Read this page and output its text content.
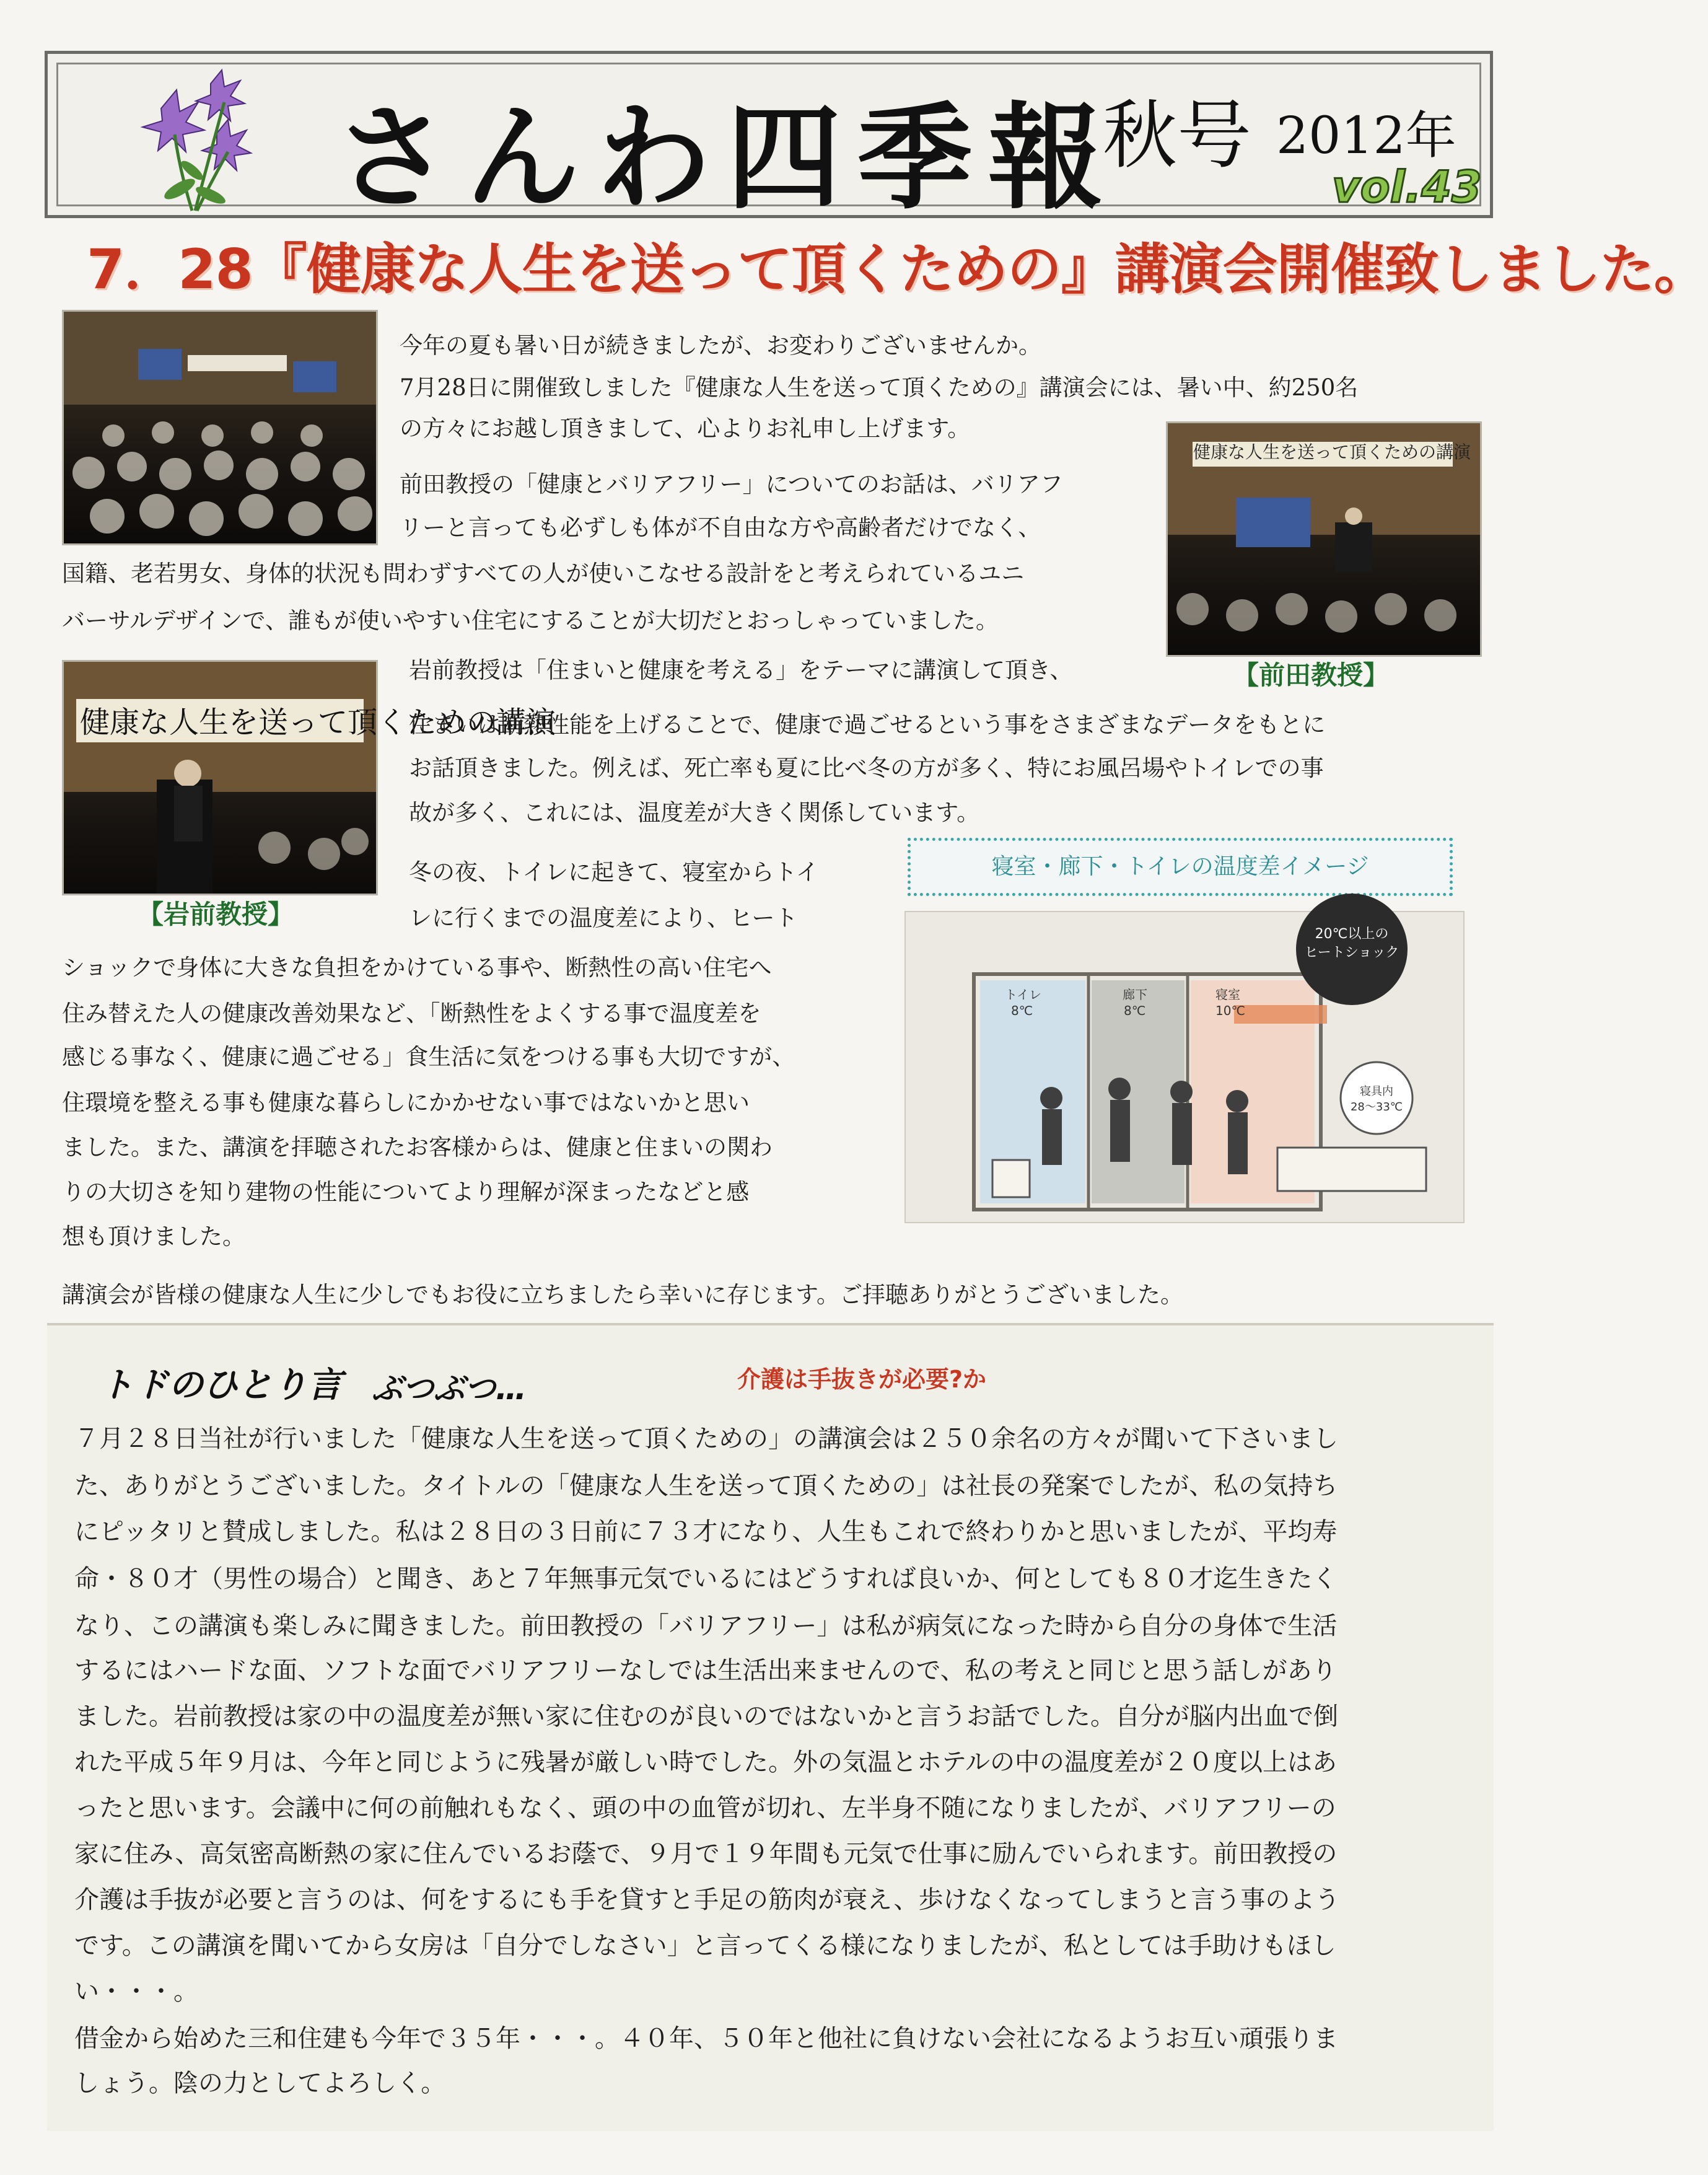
さんわ四季報
秋号 2012年
vol.43
7．28『健康な人生を送って頂くための』講演会開催致しました。
健康な人生を送って頂くための講演
【前田教授】
健康な人生を送って頂くための講演
【岩前教授】
今年の夏も暑い日が続きましたが、お変わりございませんか。
7月28日に開催致しました『健康な人生を送って頂くための』講演会には、暑い中、約250名
の方々にお越し頂きまして、心よりお礼申し上げます。
前田教授の「健康とバリアフリー」についてのお話は、バリアフ
リーと言っても必ずしも体が不自由な方や高齢者だけでなく、
国籍、老若男女、身体的状況も問わずすべての人が使いこなせる設計をと考えられているユニ
バーサルデザインで、誰もが使いやすい住宅にすることが大切だとおっしゃっていました。
岩前教授は「住まいと健康を考える」をテーマに講演して頂き、
住まいは断熱性能を上げることで、健康で過ごせるという事をさまざまなデータをもとに
お話頂きました。例えば、死亡率も夏に比べ冬の方が多く、特にお風呂場やトイレでの事
故が多く、これには、温度差が大きく関係しています。
冬の夜、トイレに起きて、寝室からトイ
レに行くまでの温度差により、ヒート
ショックで身体に大きな負担をかけている事や、断熱性の高い住宅へ
住み替えた人の健康改善効果など、「断熱性をよくする事で温度差を
感じる事なく、健康に過ごせる」食生活に気をつける事も大切ですが、
住環境を整える事も健康な暮らしにかかせない事ではないかと思い
ました。また、講演を拝聴されたお客様からは、健康と住まいの関わ
りの大切さを知り建物の性能についてより理解が深まったなどと感
想も頂けました。
講演会が皆様の健康な人生に少しでもお役に立ちましたら幸いに存じます。ご拝聴ありがとうございました。
寝室・廊下・トイレの温度差イメージ
20℃以上の
ヒートショック
トイレ
8℃
廊下
8℃
寝室
10℃
寝具内
28～33℃
トドのひとり言 ぶつぶつ…	介護は手抜きが必要?か
７月２８日当社が行いました「健康な人生を送って頂くための」の講演会は２５０余名の方々が聞いて下さいまし
た、ありがとうございました。タイトルの「健康な人生を送って頂くための」は社長の発案でしたが、私の気持ち
にピッタリと賛成しました。私は２８日の３日前に７３才になり、人生もこれで終わりかと思いましたが、平均寿
命・８０才（男性の場合）と聞き、あと７年無事元気でいるにはどうすれば良いか、何としても８０才迄生きたく
なり、この講演も楽しみに聞きました。前田教授の「バリアフリー」は私が病気になった時から自分の身体で生活
するにはハードな面、ソフトな面でバリアフリーなしでは生活出来ませんので、私の考えと同じと思う話しがあり
ました。岩前教授は家の中の温度差が無い家に住むのが良いのではないかと言うお話でした。自分が脳内出血で倒
れた平成５年９月は、今年と同じように残暑が厳しい時でした。外の気温とホテルの中の温度差が２０度以上はあ
ったと思います。会議中に何の前触れもなく、頭の中の血管が切れ、左半身不随になりましたが、バリアフリーの
家に住み、高気密高断熱の家に住んでいるお蔭で、９月で１９年間も元気で仕事に励んでいられます。前田教授の
介護は手抜が必要と言うのは、何をするにも手を貸すと手足の筋肉が衰え、歩けなくなってしまうと言う事のよう
です。この講演を聞いてから女房は「自分でしなさい」と言ってくる様になりましたが、私としては手助けもほし
い・・・。
借金から始めた三和住建も今年で３５年・・・。４０年、５０年と他社に負けない会社になるようお互い頑張りま
しょう。陰の力としてよろしく。
